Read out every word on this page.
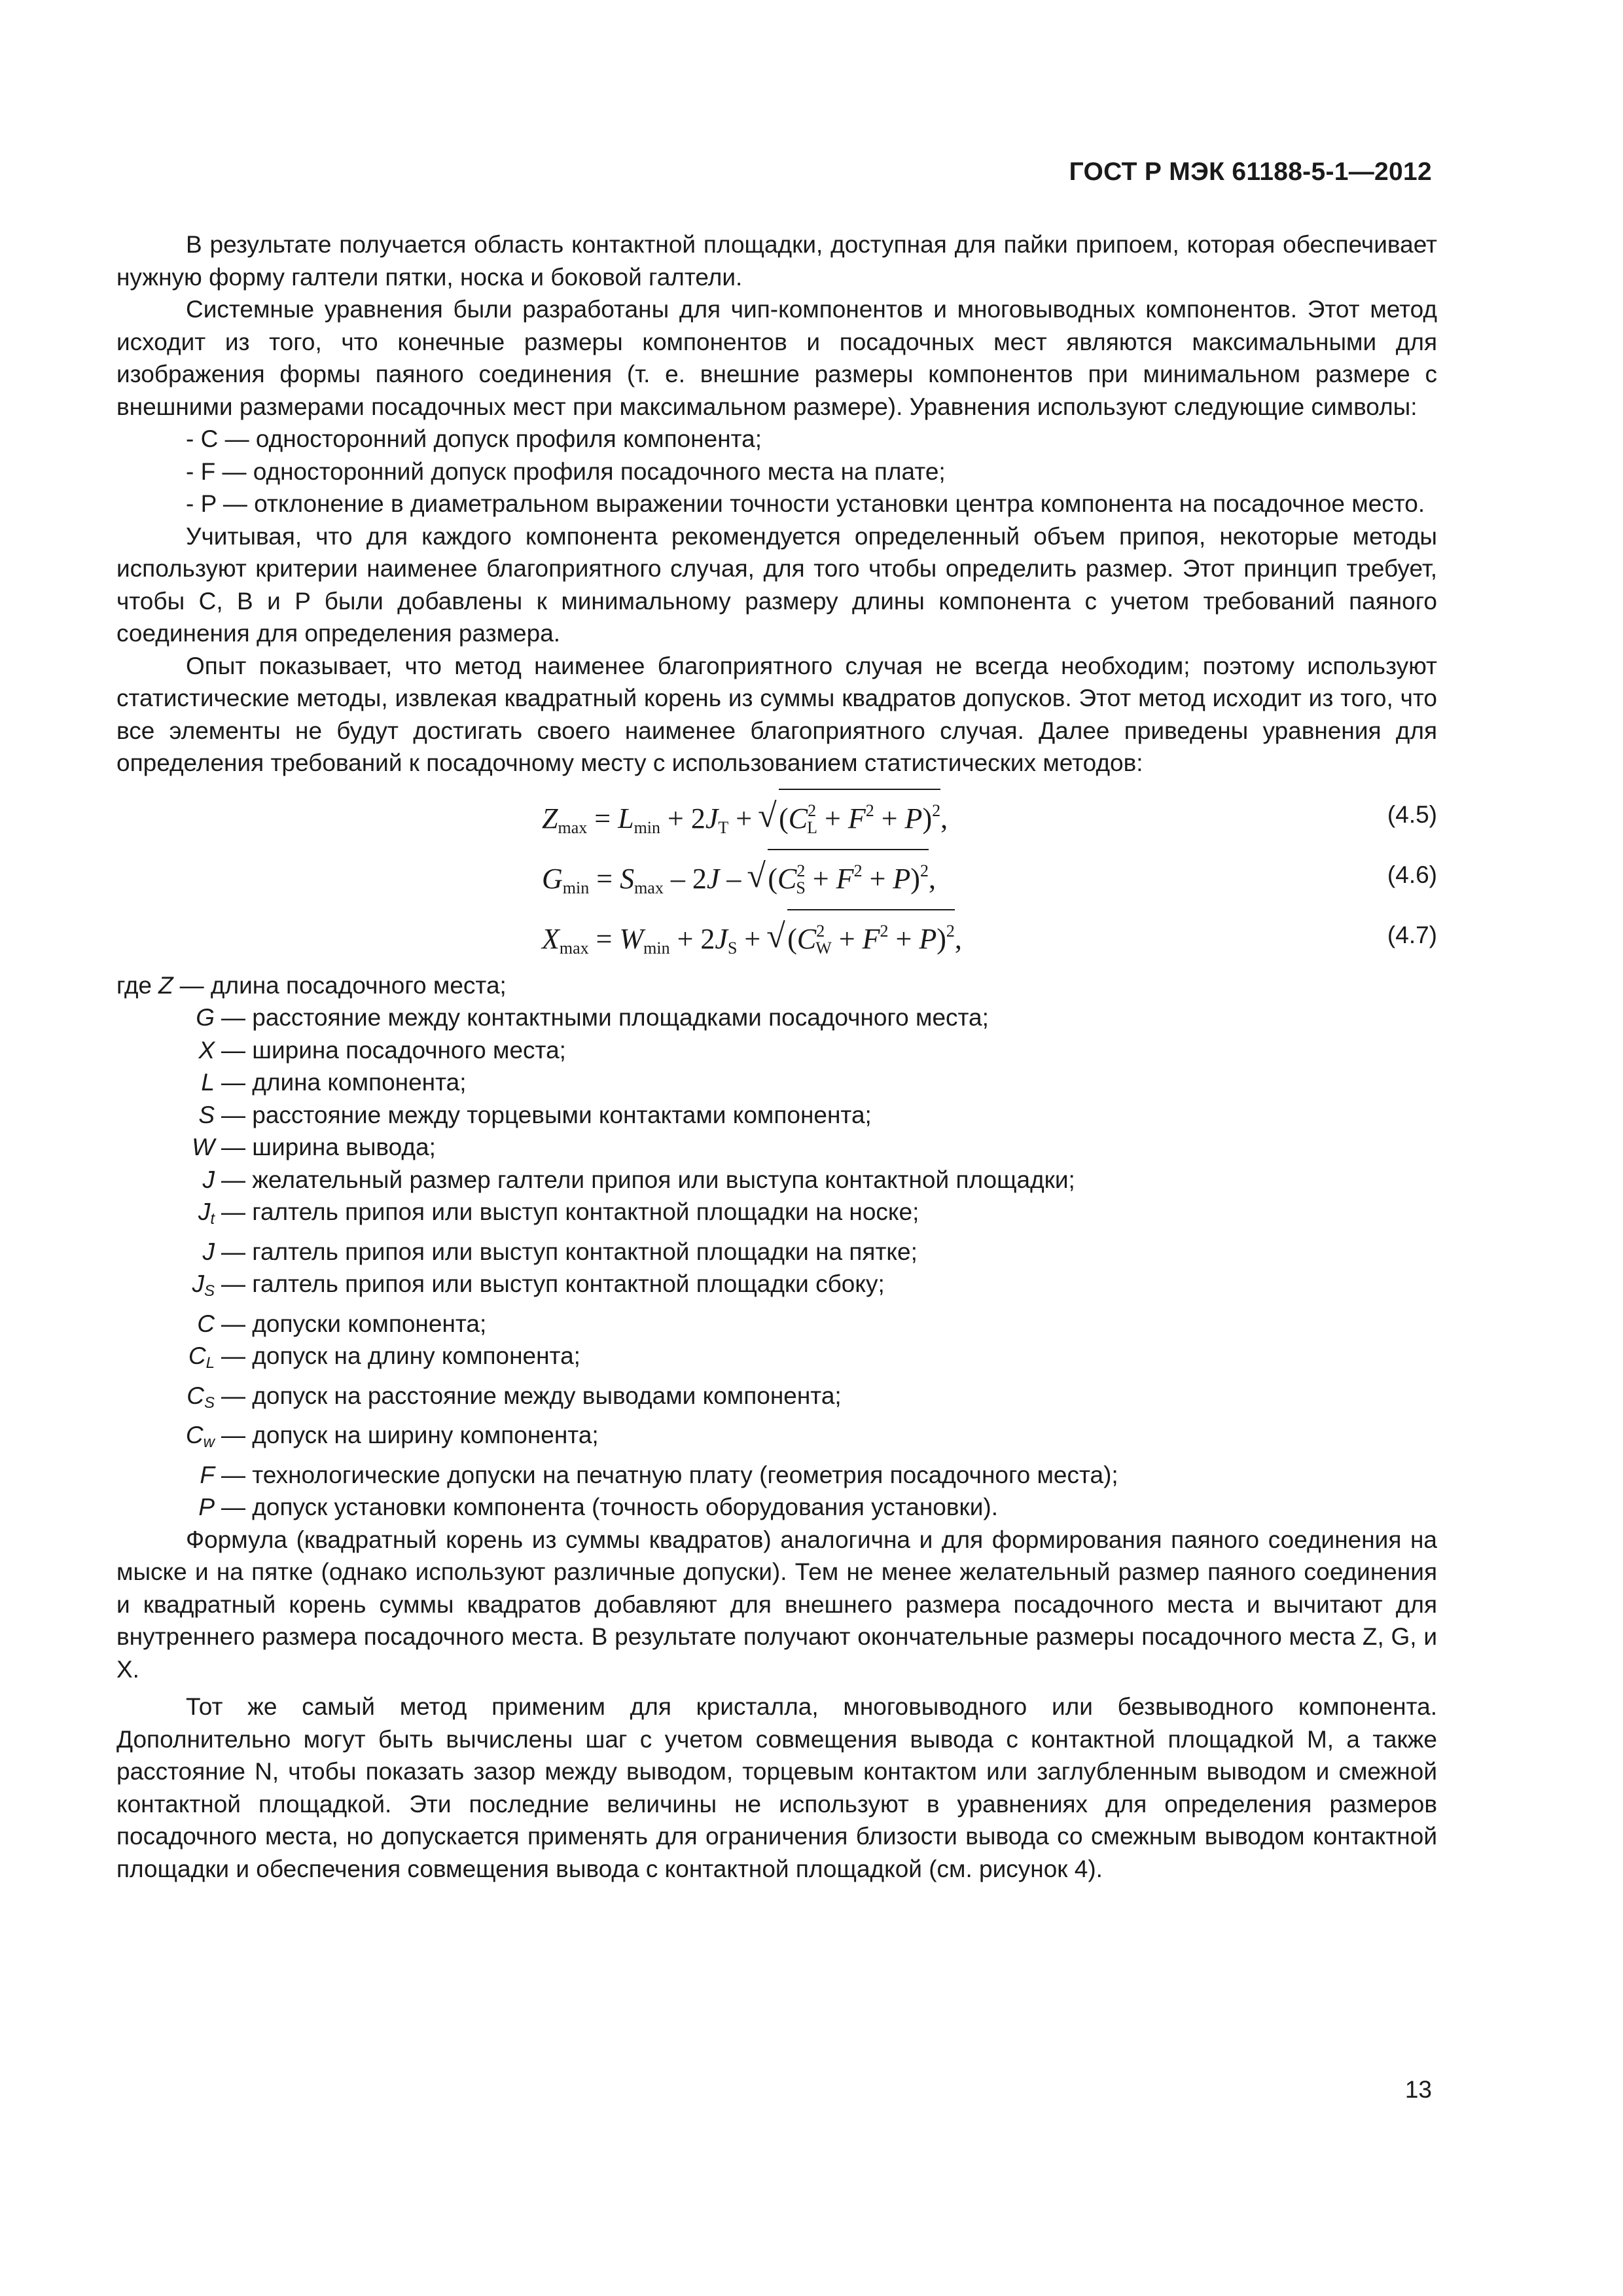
ГОСТ Р МЭК 61188-5-1—2012

В результате получается область контактной площадки, доступная для пайки припоем, которая обеспечивает нужную форму галтели пятки, носка и боковой галтели.

Системные уравнения были разработаны для чип-компонентов и многовыводных компонентов. Этот метод исходит из того, что конечные размеры компонентов и посадочных мест являются максимальными для изображения формы паяного соединения (т. е. внешние размеры компонентов при минимальном размере с внешними размерами посадочных мест при максимальном размере). Уравнения используют следующие символы:

- C — односторонний допуск профиля компонента;

- F — односторонний допуск профиля посадочного места на плате;

- P — отклонение в диаметральном выражении точности установки центра компонента на посадочное место.

Учитывая, что для каждого компонента рекомендуется определенный объем припоя, некоторые методы используют критерии наименее благоприятного случая, для того чтобы определить размер. Этот принцип требует, чтобы C, B и P были добавлены к минимальному размеру длины компонента с учетом требований паяного соединения для определения размера.

Опыт показывает, что метод наименее благоприятного случая не всегда необходим; поэтому используют статистические методы, извлекая квадратный корень из суммы квадратов допусков. Этот метод исходит из того, что все элементы не будут достигать своего наименее благоприятного случая. Далее приведены уравнения для определения требований к посадочному месту с использованием статистических методов:

$Z_{max} = L_{min} + 2J_T$ + √ $(C^2_L + F^2 + P)^2$,	(4.5)
$G_{min} = S_{max} - 2J$ – √ $(C^2_S + F^2 + P)^2$,	(4.6)
$X_{max} = W_{min} + 2J_S$ + √ $(C^2_W + F^2 + P)^2$,	(4.7)
где Z — длина посадочного места;
G — расстояние между контактными площадками посадочного места;
X — ширина посадочного места;
L — длина компонента;
S — расстояние между торцевыми контактами компонента;
W — ширина вывода;
J — желательный размер галтели припоя или выступа контактной площадки;
$J_t$ — галтель припоя или выступ контактной площадки на носке;
J — галтель припоя или выступ контактной площадки на пятке;
$J_S$ — галтель припоя или выступ контактной площадки сбоку;
C — допуски компонента;
$C_L$ — допуск на длину компонента;
$C_S$ — допуск на расстояние между выводами компонента;
$C_w$ — допуск на ширину компонента;
F — технологические допуски на печатную плату (геометрия посадочного места);
P — допуск установки компонента (точность оборудования установки).

Формула (квадратный корень из суммы квадратов) аналогична и для формирования паяного соединения на мыске и на пятке (однако используют различные допуски). Тем не менее желательный размер паяного соединения и квадратный корень суммы квадратов добавляют для внешнего размера посадочного места и вычитают для внутреннего размера посадочного места. В результате получают окончательные размеры посадочного места Z, G, и X.

Тот же самый метод применим для кристалла, многовыводного или безвыводного компонента. Дополнительно могут быть вычислены шаг с учетом совмещения вывода с контактной площадкой M, а также расстояние N, чтобы показать зазор между выводом, торцевым контактом или заглубленным выводом и смежной контактной площадкой. Эти последние величины не используют в уравнениях для определения размеров посадочного места, но допускается применять для ограничения близости вывода со смежным выводом контактной площадки и обеспечения совмещения вывода с контактной площадкой (см. рисунок 4).

13
